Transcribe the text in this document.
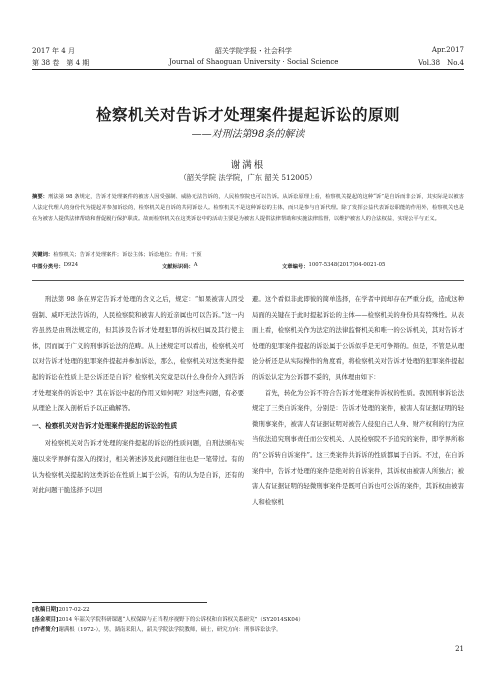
2017 年 4 月	韶关学院学报・社会科学	Apr.2017
第 38 卷　第 4 期	Journal of Shaoguan University · Social Science	Vol.38　No.4
检察机关对告诉才处理案件提起诉讼的原则
——对刑法第98条的解读
谢满根
（韶关学院 法学院，广东 韶关 512005）
摘要：刑法第 98 条规定，告诉才处理案件的被害人因受强制、威胁无法告诉的，人民检察院也可以告诉。从诉讼原理上看，检察机关提起的这种“诉”是自诉而非公诉，其实际是以被害人法定代理人的身份代为提起并参加诉讼的，检察机关是自诉的共同诉讼人。检察机关不是这种诉讼的主体，而只是参与自诉代理。除了发挥公益代表诉讼职能的作用外，检察机关也是在为被害人提供法律帮助和督促履行保护职责。故而检察机关在这类诉讼中的活动主要是为被害人提供法律帮助和实施法律监督，以维护被害人的合法权益，实现公平与正义。
关键词：检察机关；告诉才处理案件；诉讼主体；诉讼地位；作用；干预
中图分类号： D924	文献标识码： A	文章编号： 1007-5348(2017)04-0021-05

刑法第 98 条在界定告诉才处理的含义之后，规定：“如果被害人因受强制、威吓无法告诉的，人民检察院和被害人的近亲属也可以告诉。”这一内容虽然是由刑法规定的，但其涉及告诉才处理犯罪的诉权归属及其行使主体，因而属于广义的刑事诉讼法的范畴。从上述规定可以看出，检察机关可以对告诉才处理的犯罪案件提起并参加诉讼，那么，检察机关对这类案件提起的诉讼在性质上是公诉还是自诉？检察机关究竟是以什么身份介入到告诉才处理案件的诉讼中？其在诉讼中起的作用又如何呢？对这些问题，有必要从理论上深入剖析后予以正确解答。

一、检察机关对告诉才处理案件提起的诉讼的性质

对检察机关对告诉才处理的案件提起的诉讼的性质问题，自刑法颁布实施以来学界鲜有深入的探讨，相关著述涉及此问题往往也是一笔带过。有的认为检察机关提起的这类诉讼在性质上属于公诉，有的认为是自诉，还有的对此问题干脆选择予以回

避。这个看似非此即彼的简单选择，在学者中间却存在严重分歧，造成这种局面的关键在于此时提起诉讼的主体——检察机关的身份具有特殊性。从表面上看，检察机关作为法定的法律监督机关和唯一的公诉机关，其对告诉才处理的犯罪案件提起的诉讼属于公诉似乎是无可争辩的。但是，不管是从理论分析还是从实际操作的角度看，将检察机关对告诉才处理的犯罪案件提起的诉讼认定为公诉都不妥的，具体理由如下：

首先，转化为公诉不符合告诉才处理案件诉权的性质。我国刑事诉讼法规定了三类自诉案件，分别是：告诉才处理的案件，被害人有证据证明的轻微刑事案件，被害人有证据证明对被告人侵犯自己人身、财产权利的行为应当依法追究刑事责任而公安机关、人民检察院不予追究的案件，即学界所称的“公诉转自诉案件”。这三类案件共诉诉的性质都属于自诉。不过，在自诉案件中，告诉才处理的案件是绝对的自诉案件，其诉权由被害人所独占；被害人有证据证明的轻微刑事案件是既可自诉也可公诉的案件，其诉权由被害人和检察机

[收稿日期]2017-02-22
[基金项目]2014 年韶关学院科研课题“人权保障与正当程序视野下的公诉权和自诉权关系研究”（SY2014SK04）
[作者简介]谢满根（1972-），男，湖南耒阳人，韶关学院法学院教师，硕士，研究方向：刑事诉讼法学。
21
